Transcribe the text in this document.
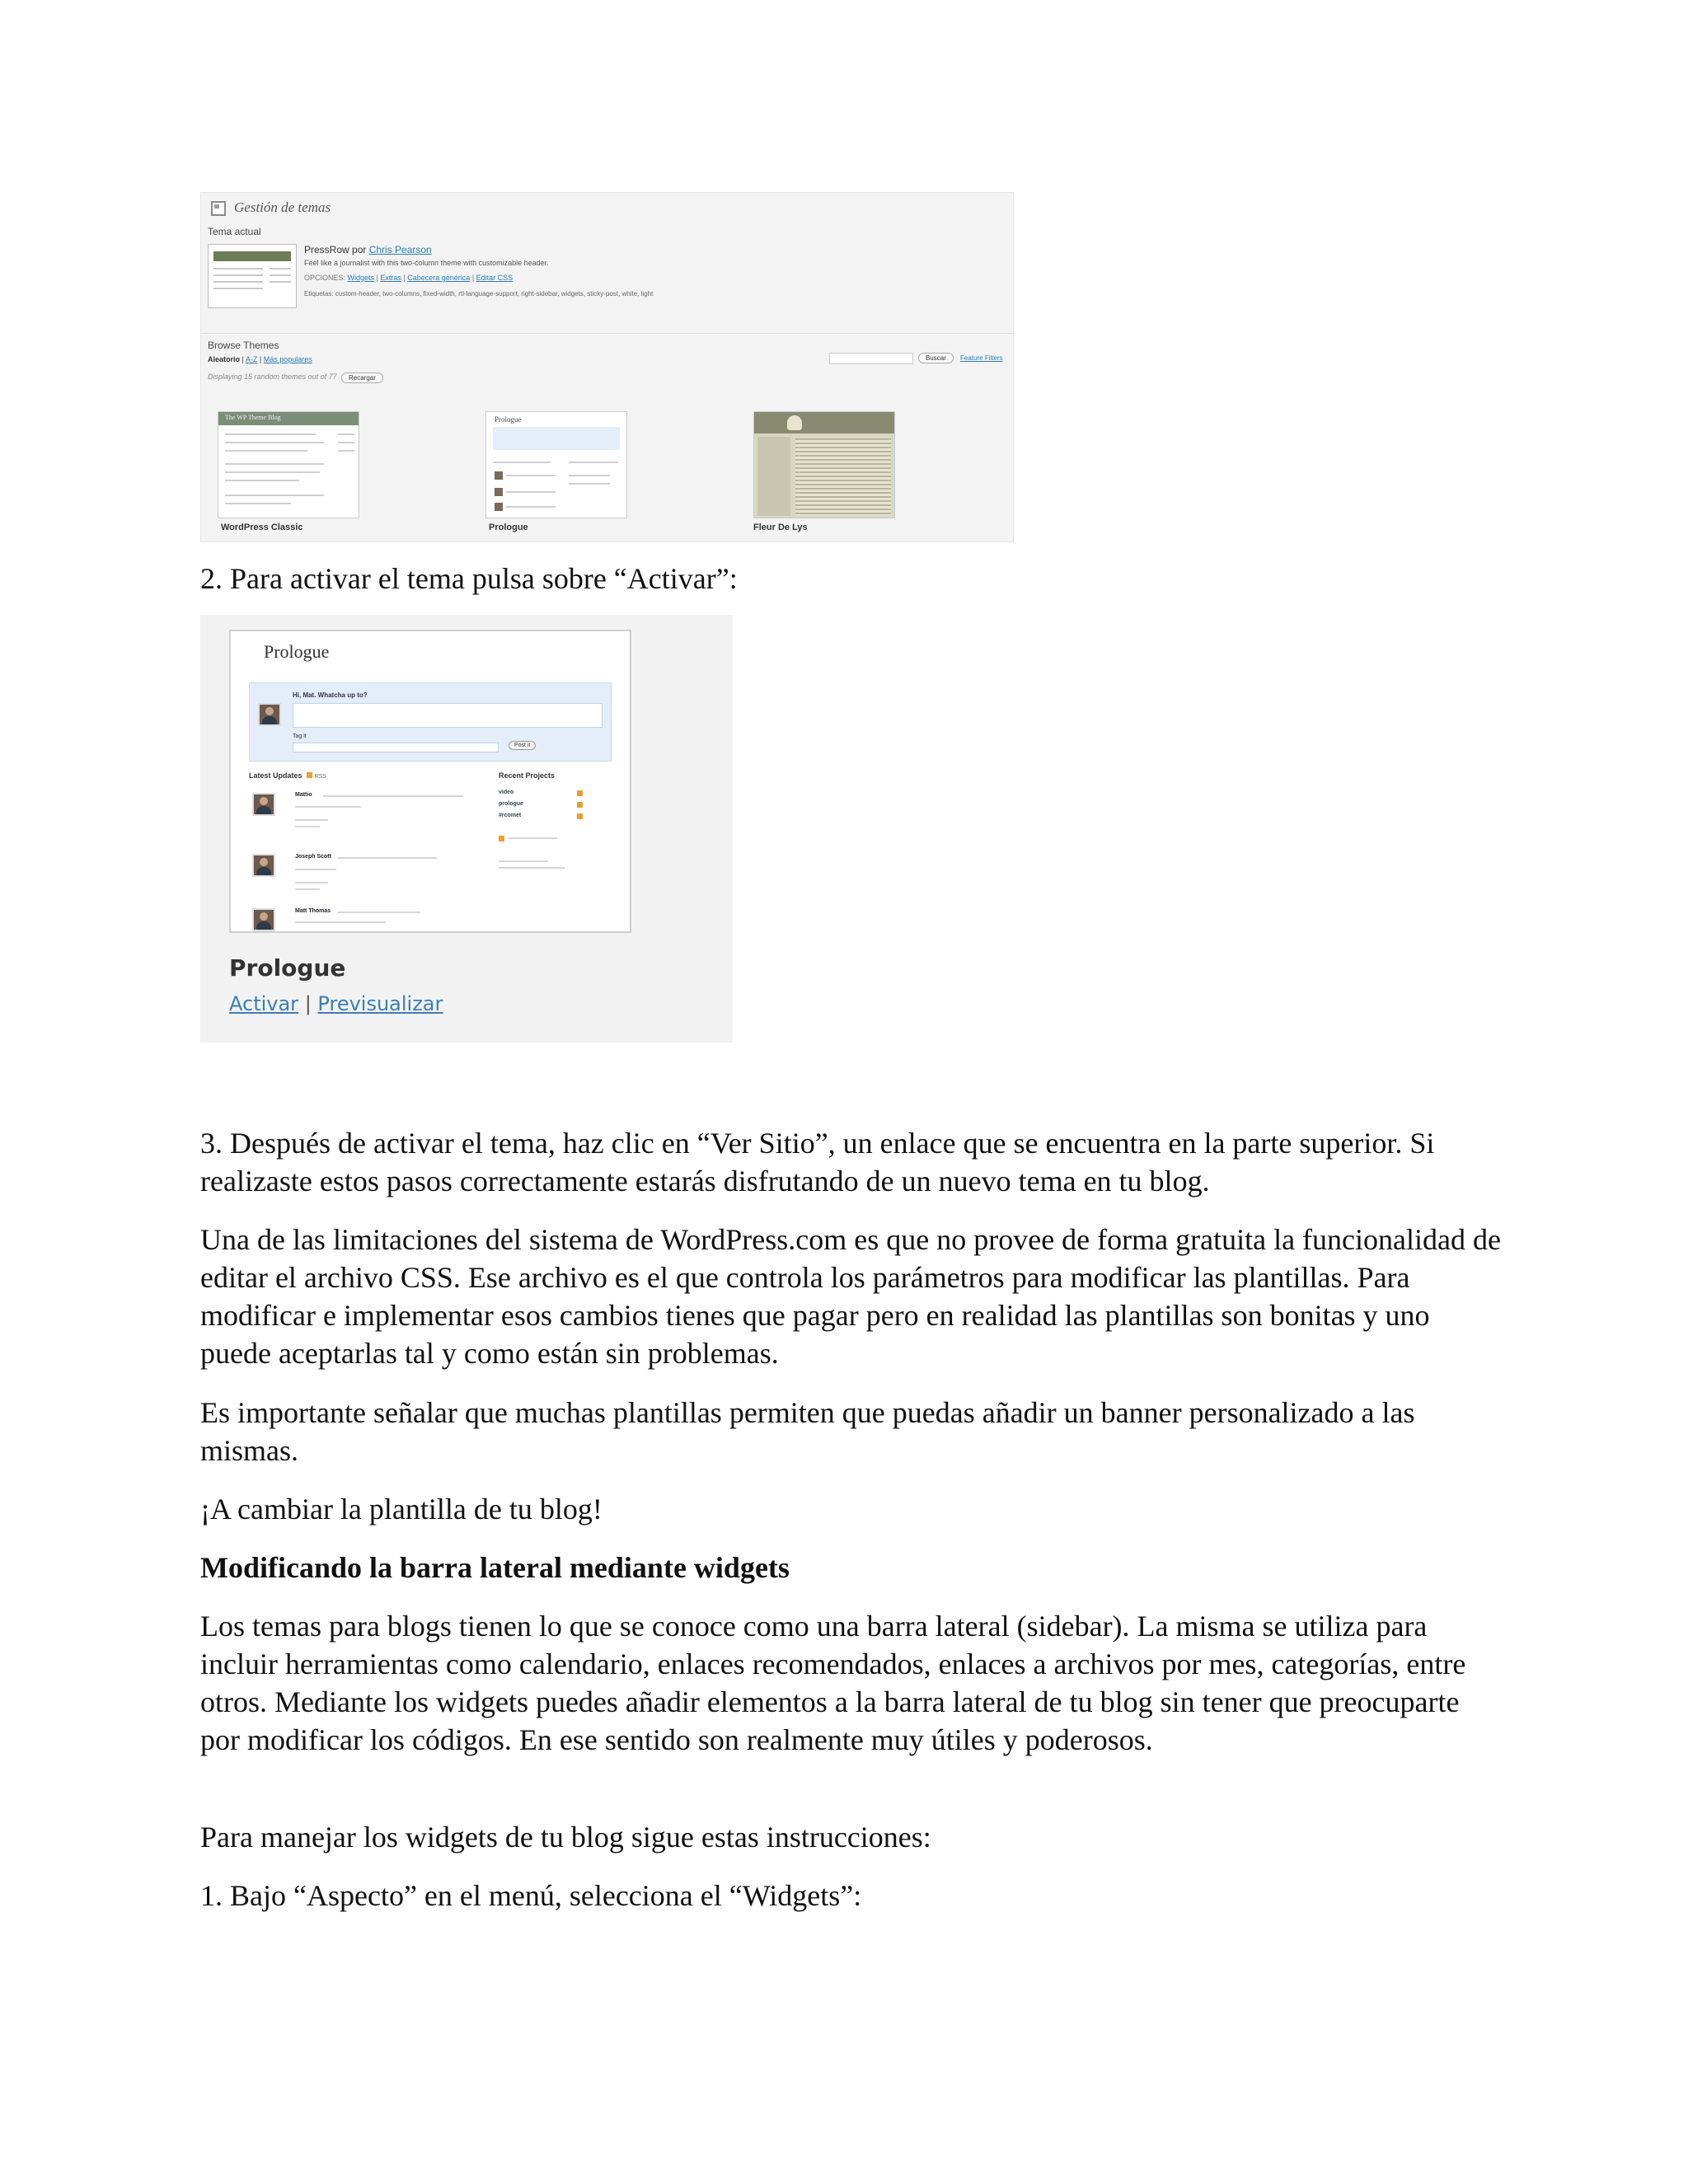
Gestión de temas
Tema actual
PressRow por Chris Pearson
Feel like a journalist with this two-column theme with customizable header.
OPCIONES: Widgets | Extras | Cabecera genérica | Editar CSS
Etiquetas: custom-header, two-columns, fixed-width, rtl-language-support, right-sidebar, widgets, sticky-post, white, light
Browse Themes
Aleatorio | A-Z | Más populares
Displaying 15 random themes out of 77	Recargar
Buscar	Feature Filters
The WP Theme Blog
WordPress Classic
Prologue
Prologue	Fleur De Lys
2. Para activar el tema pulsa sobre “Activar”:
Prologue
Hi, Mat. Whatcha up to?
Tag it
Post it
Latest Updates RSS	Recent Projects
Mattio
Joseph Scott
Matt Thomas
video
prologue
#rcomet
Prologue
Activar | Previsualizar
3. Después de activar el tema, haz clic en “Ver Sitio”, un enlace que se encuentra en la parte superior. Si realizaste estos pasos correctamente estarás disfrutando de un nuevo tema en tu blog.
Una de las limitaciones del sistema de WordPress.com es que no provee de forma gratuita la funcionalidad de editar el archivo CSS. Ese archivo es el que controla los parámetros para modificar las plantillas. Para modificar e implementar esos cambios tienes que pagar pero en realidad las plantillas son bonitas y uno puede aceptarlas tal y como están sin problemas.
Es importante señalar que muchas plantillas permiten que puedas añadir un banner personalizado a las mismas.
¡A cambiar la plantilla de tu blog!
Modificando la barra lateral mediante widgets
Los temas para blogs tienen lo que se conoce como una barra lateral (sidebar). La misma se utiliza para incluir herramientas como calendario, enlaces recomendados, enlaces a archivos por mes, categorías, entre otros. Mediante los widgets puedes añadir elementos a la barra lateral de tu blog sin tener que preocuparte por modificar los códigos. En ese sentido son realmente muy útiles y poderosos.
Para manejar los widgets de tu blog sigue estas instrucciones:
1. Bajo “Aspecto” en el menú, selecciona el “Widgets”:
